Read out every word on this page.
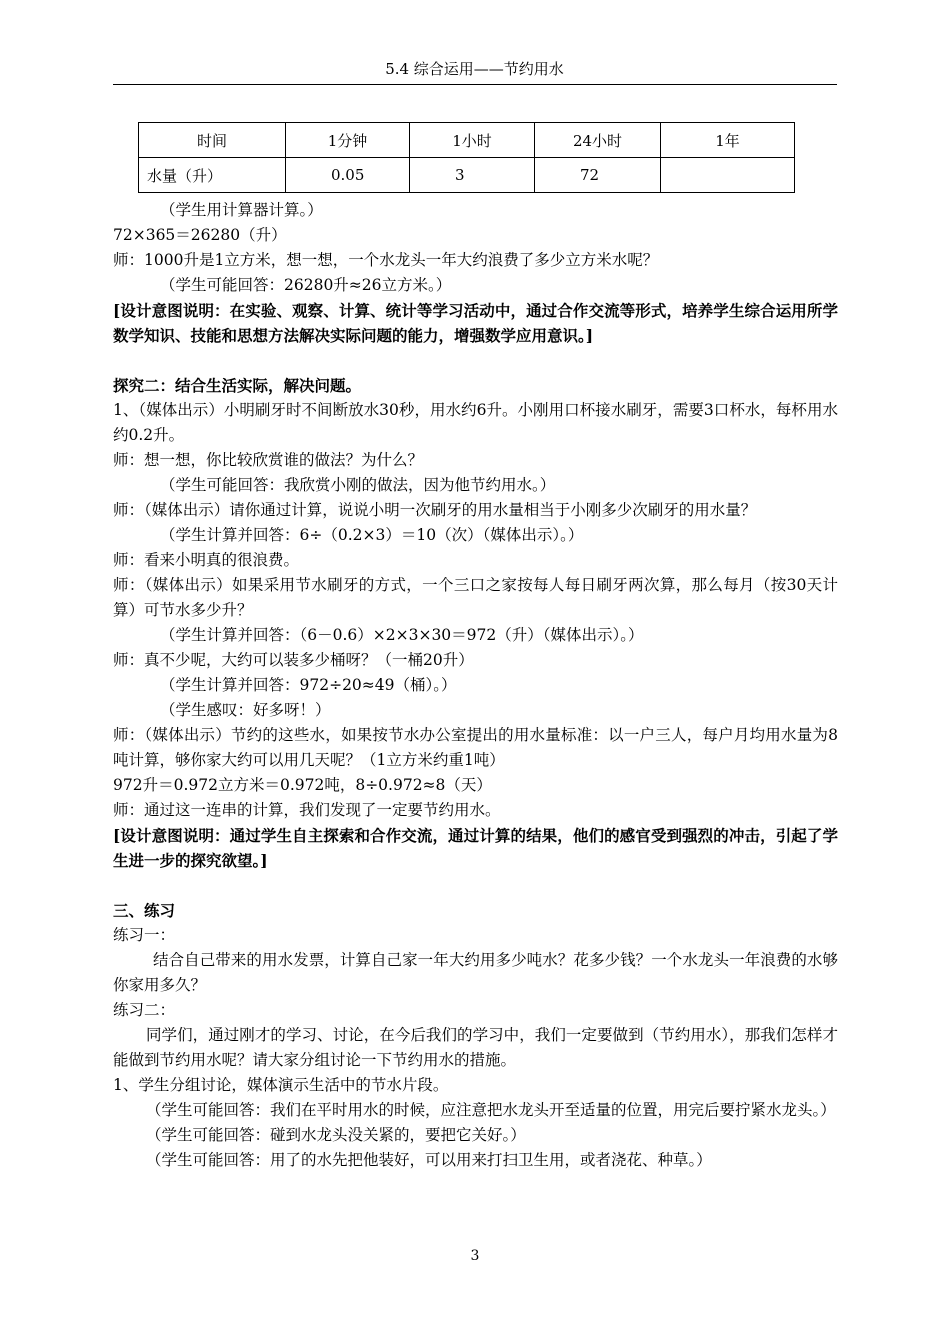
5.4 综合运用——节约用水
时间	1分钟	1小时	24小时	1年
水量（升）	0.05	3	72	

（学生用计算器计算。）

72×365＝26280（升）

师：1000升是1立方米，想一想，一个水龙头一年大约浪费了多少立方米水呢？

（学生可能回答：26280升≈26立方米。）

[设计意图说明：在实验、观察、计算、统计等学习活动中，通过合作交流等形式，培养学生综合运用所学数学知识、技能和思想方法解决实际问题的能力，增强数学应用意识。]

探究二：结合生活实际，解决问题。

1、（媒体出示）小明刷牙时不间断放水30秒，用水约6升。小刚用口杯接水刷牙，需要3口杯水，每杯用水约0.2升。

师：想一想，你比较欣赏谁的做法？为什么？

（学生可能回答：我欣赏小刚的做法，因为他节约用水。）

师：（媒体出示）请你通过计算，说说小明一次刷牙的用水量相当于小刚多少次刷牙的用水量？

（学生计算并回答：6÷（0.2×3）＝10（次）（媒体出示）。）

师：看来小明真的很浪费。

师：（媒体出示）如果采用节水刷牙的方式，一个三口之家按每人每日刷牙两次算，那么每月（按30天计算）可节水多少升？

（学生计算并回答：（6－0.6）×2×3×30＝972（升）（媒体出示）。）

师：真不少呢，大约可以装多少桶呀？（一桶20升）

（学生计算并回答：972÷20≈49（桶）。）

（学生感叹：好多呀！）

师：（媒体出示）节约的这些水，如果按节水办公室提出的用水量标准：以一户三人，每户月均用水量为8吨计算，够你家大约可以用几天呢？（1立方米约重1吨）

972升＝0.972立方米＝0.972吨，8÷0.972≈8（天）

师：通过这一连串的计算，我们发现了一定要节约用水。

[设计意图说明：通过学生自主探索和合作交流，通过计算的结果，他们的感官受到强烈的冲击，引起了学生进一步的探究欲望。]

三、练习

练习一：

结合自己带来的用水发票，计算自己家一年大约用多少吨水？花多少钱？一个水龙头一年浪费的水够你家用多久？

练习二：

同学们，通过刚才的学习、讨论，在今后我们的学习中，我们一定要做到（节约用水），那我们怎样才能做到节约用水呢？请大家分组讨论一下节约用水的措施。

1、学生分组讨论，媒体演示生活中的节水片段。

（学生可能回答：我们在平时用水的时候，应注意把水龙头开至适量的位置，用完后要拧紧水龙头。）

（学生可能回答：碰到水龙头没关紧的，要把它关好。）

（学生可能回答：用了的水先把他装好，可以用来打扫卫生用，或者浇花、种草。）

3
